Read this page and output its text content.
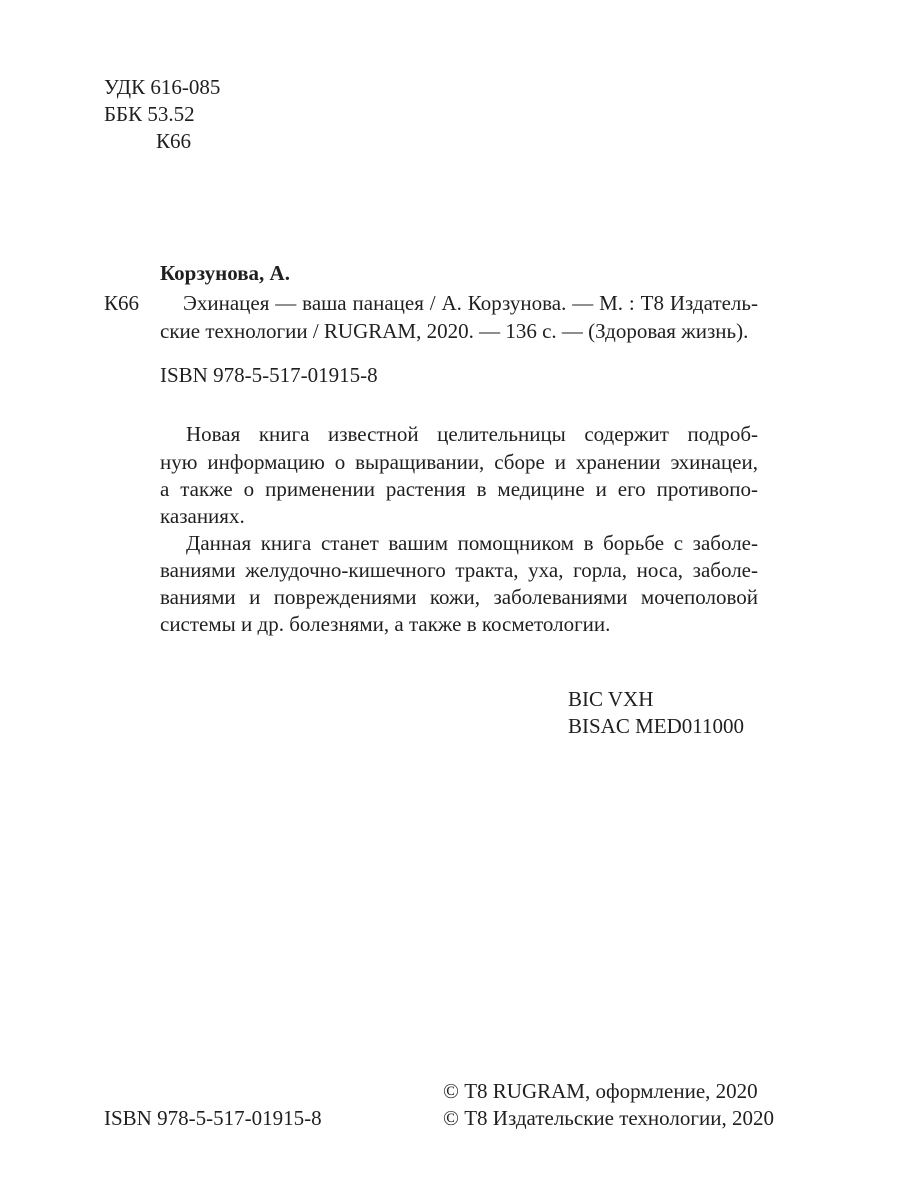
УДК 616-085
ББК 53.52
К66
Корзунова, А.
К66 Эхинацея — ваша панацея / А. Корзунова. — М. : Т8 Издатель-
ские технологии / RUGRAM, 2020. — 136 с. — (Здоровая жизнь).
ISBN 978-5-517-01915-8
Новая книга известной целительницы содержит подроб-
ную информацию о выращивании, сборе и хранении эхинацеи,
а также о применении растения в медицине и его противопо-
казаниях.
Данная книга станет вашим помощником в борьбе с заболе-
ваниями желудочно-кишечного тракта, уха, горла, носа, заболе-
ваниями и повреждениями кожи, заболеваниями мочеполовой
системы и др. болезнями, а также в косметологии.
BIC VXH
BISAC MED011000
© Т8 RUGRAM, оформление, 2020
ISBN 978-5-517-01915-8	© Т8 Издательские технологии, 2020
